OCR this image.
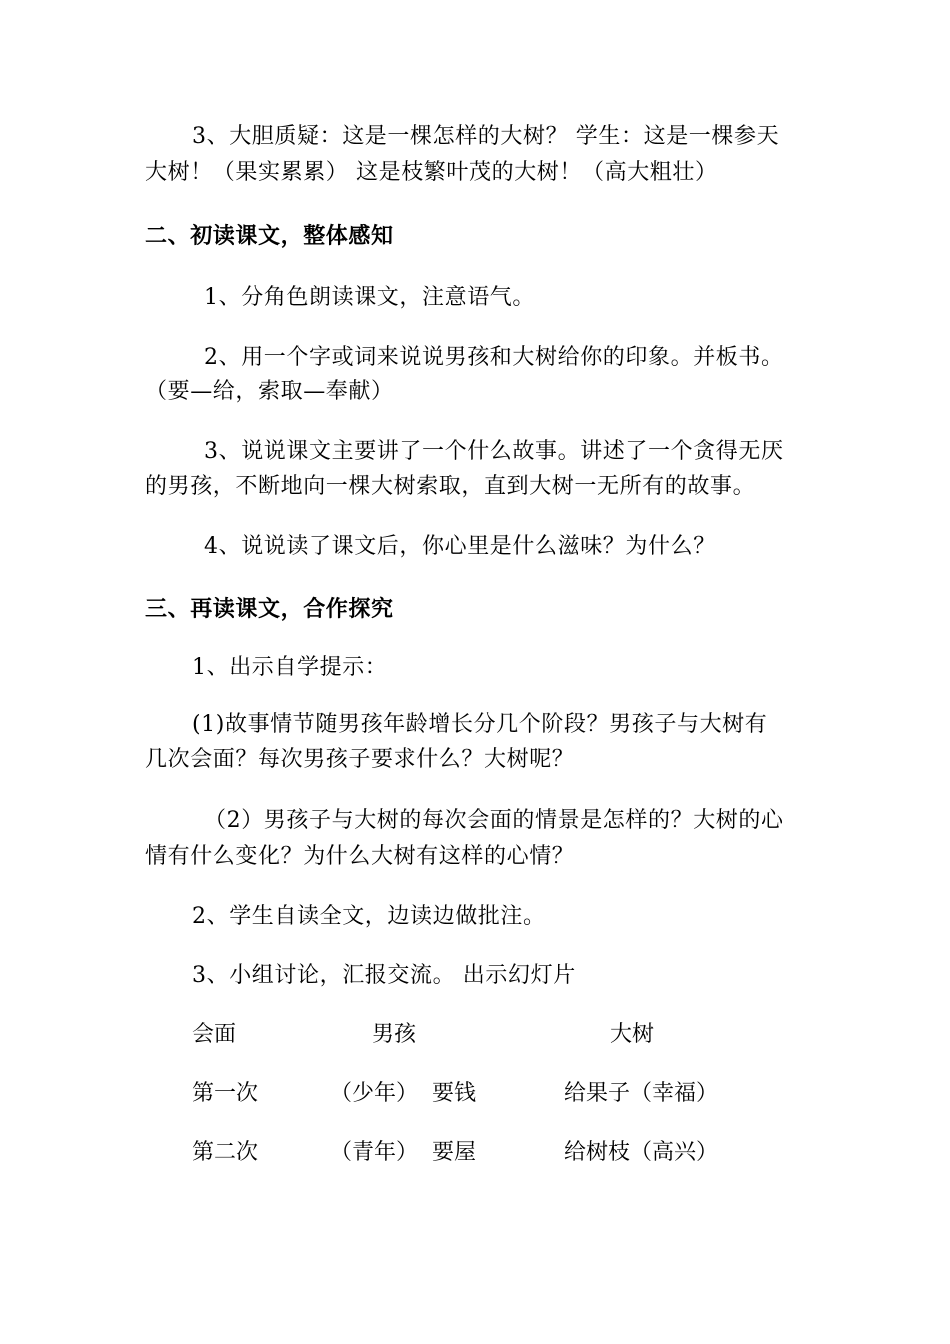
3、大胆质疑：这是一棵怎样的大树？ 学生：这是一棵参天
大树！（果实累累） 这是枝繁叶茂的大树！（高大粗壮）
二、初读课文，整体感知
1、分角色朗读课文，注意语气。
2、用一个字或词来说说男孩和大树给你的印象。并板书。
（要—给，索取—奉献）
3、说说课文主要讲了一个什么故事。讲述了一个贪得无厌
的男孩，不断地向一棵大树索取，直到大树一无所有的故事。
4、说说读了课文后，你心里是什么滋味？为什么？
三、再读课文，合作探究
1、出示自学提示：
(1)故事情节随男孩年龄增长分几个阶段？男孩子与大树有
几次会面？每次男孩子要求什么？大树呢？
（2）男孩子与大树的每次会面的情景是怎样的？大树的心
情有什么变化？为什么大树有这样的心情？
2、学生自读全文，边读边做批注。
3、小组讨论，汇报交流。 出示幻灯片
会面	男孩	大树
第一次	（少年） 要钱	给果子（幸福）
第二次	（青年） 要屋	给树枝（高兴）
